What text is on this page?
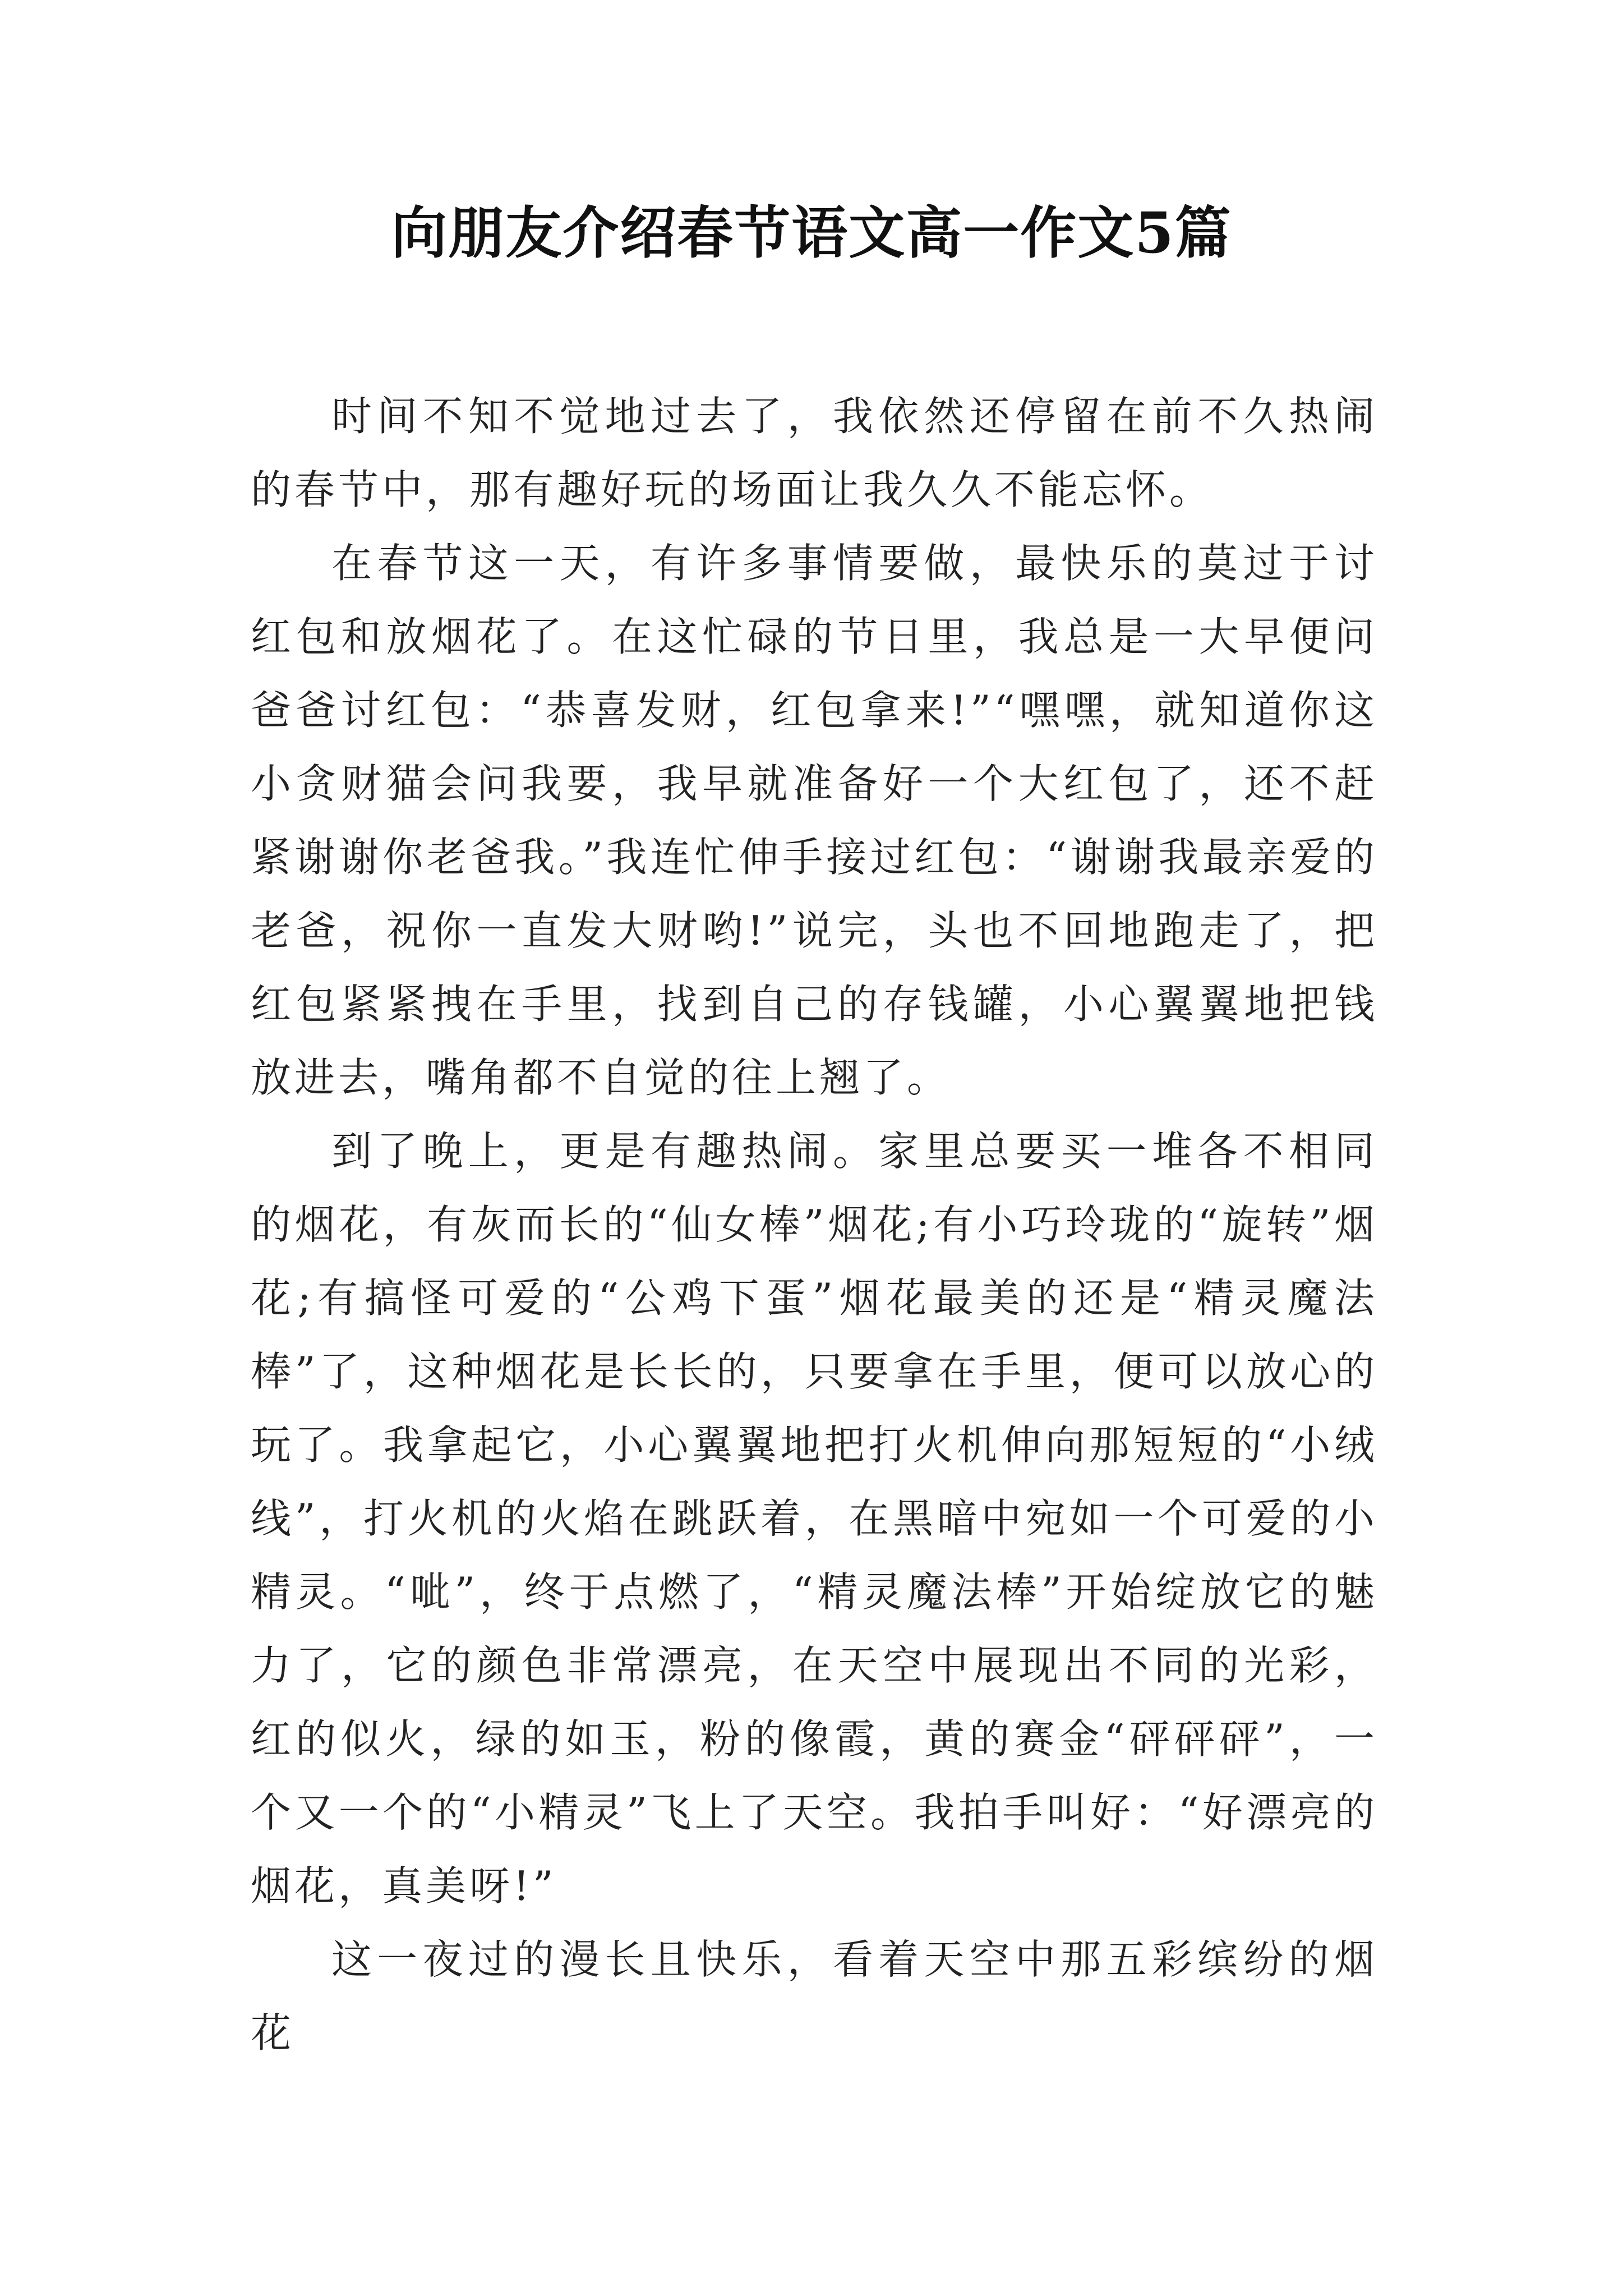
向朋友介绍春节语文高一作文5篇

时间不知不觉地过去了，我依然还停留在前不久热闹的春节中，那有趣好玩的场面让我久久不能忘怀。

在春节这一天，有许多事情要做，最快乐的莫过于讨红包和放烟花了。在这忙碌的节日里，我总是一大早便问爸爸讨红包：“恭喜发财，红包拿来!”“嘿嘿，就知道你这小贪财猫会问我要，我早就准备好一个大红包了，还不赶紧谢谢你老爸我。”我连忙伸手接过红包：“谢谢我最亲爱的老爸，祝你一直发大财哟!”说完，头也不回地跑走了，把红包紧紧拽在手里，找到自己的存钱罐，小心翼翼地把钱放进去，嘴角都不自觉的往上翘了。

到了晚上，更是有趣热闹。家里总要买一堆各不相同的烟花，有灰而长的“仙女棒”烟花;有小巧玲珑的“旋转”烟花;有搞怪可爱的“公鸡下蛋”烟花最美的还是“精灵魔法棒”了，这种烟花是长长的，只要拿在手里，便可以放心的玩了。我拿起它，小心翼翼地把打火机伸向那短短的“小绒线”，打火机的火焰在跳跃着，在黑暗中宛如一个可爱的小精灵。“呲”，终于点燃了，“精灵魔法棒”开始绽放它的魅力了，它的颜色非常漂亮，在天空中展现出不同的光彩，红的似火，绿的如玉，粉的像霞，黄的赛金“砰砰砰”，一个又一个的“小精灵”飞上了天空。我拍手叫好：“好漂亮的烟花，真美呀!”

这一夜过的漫长且快乐，看着天空中那五彩缤纷的烟花
